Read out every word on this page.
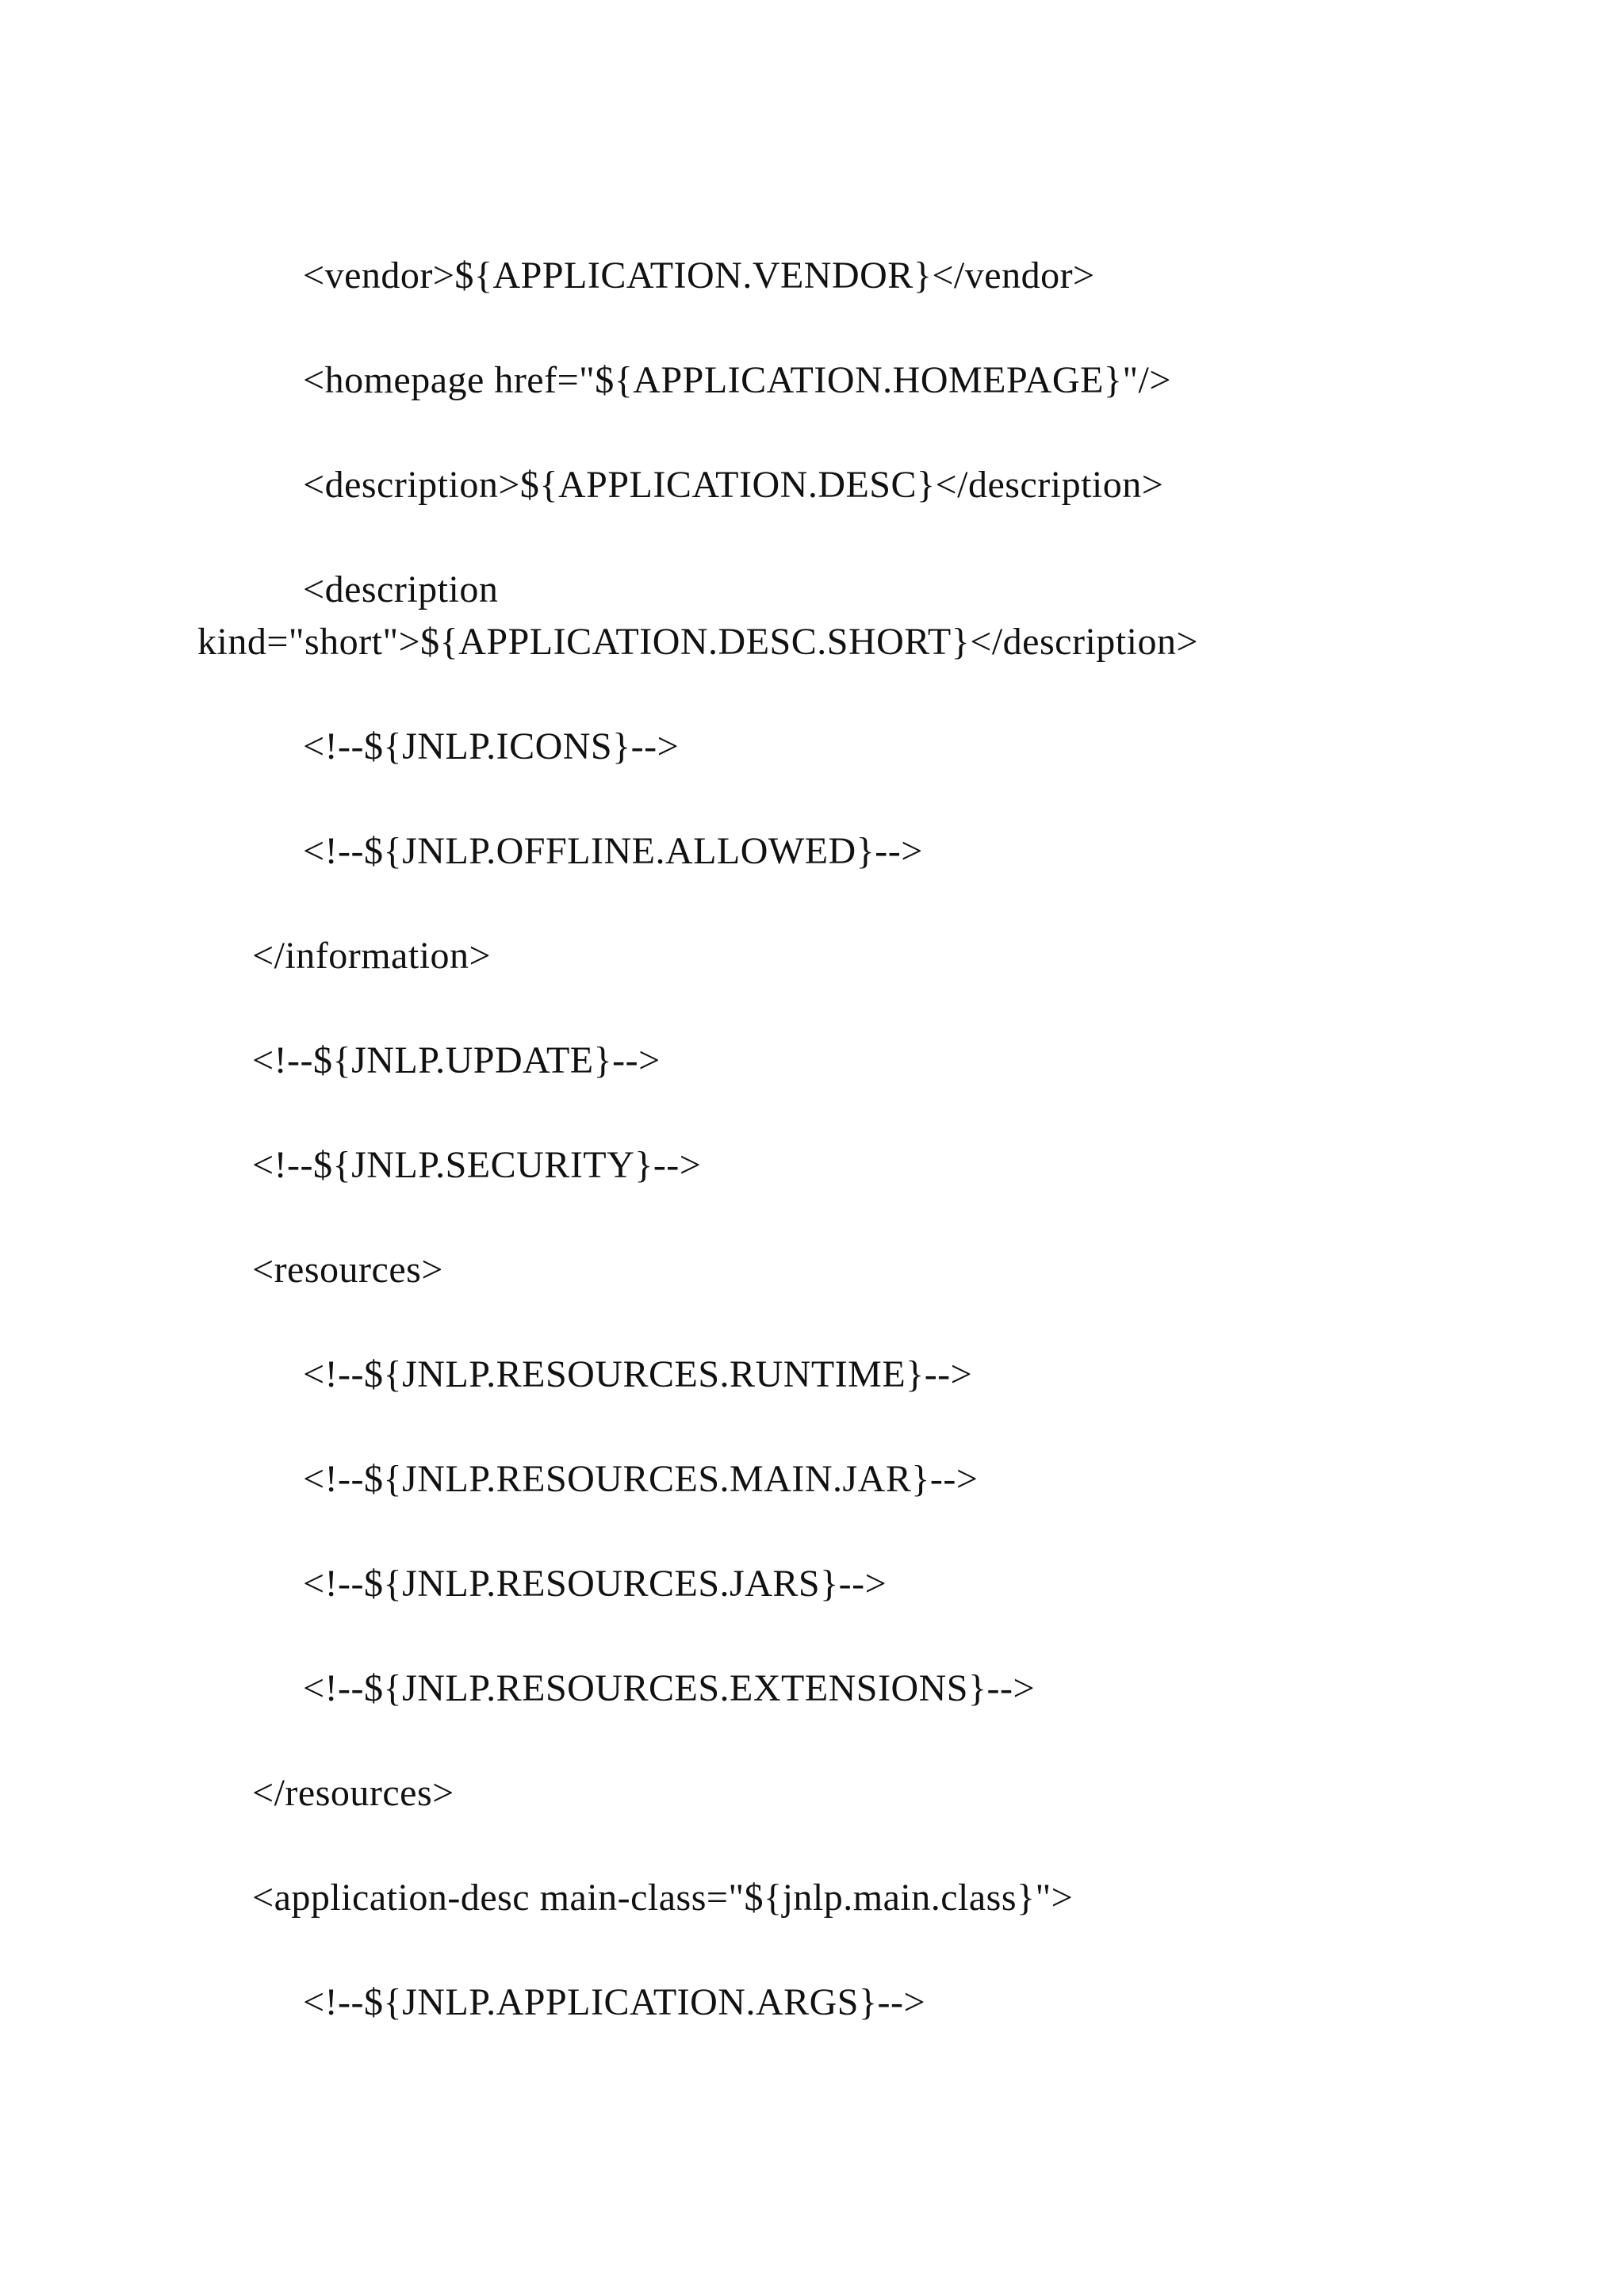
<vendor>${APPLICATION.VENDOR}</vendor>

<homepage href="${APPLICATION.HOMEPAGE}"/>

<description>${APPLICATION.DESC}</description>

<description

kind="short">${APPLICATION.DESC.SHORT}</description>

<!--${JNLP.ICONS}-->

<!--${JNLP.OFFLINE.ALLOWED}-->

</information>

<!--${JNLP.UPDATE}-->

<!--${JNLP.SECURITY}-->

<resources>

<!--${JNLP.RESOURCES.RUNTIME}-->

<!--${JNLP.RESOURCES.MAIN.JAR}-->

<!--${JNLP.RESOURCES.JARS}-->

<!--${JNLP.RESOURCES.EXTENSIONS}-->

</resources>

<application-desc main-class="${jnlp.main.class}">

<!--${JNLP.APPLICATION.ARGS}-->
